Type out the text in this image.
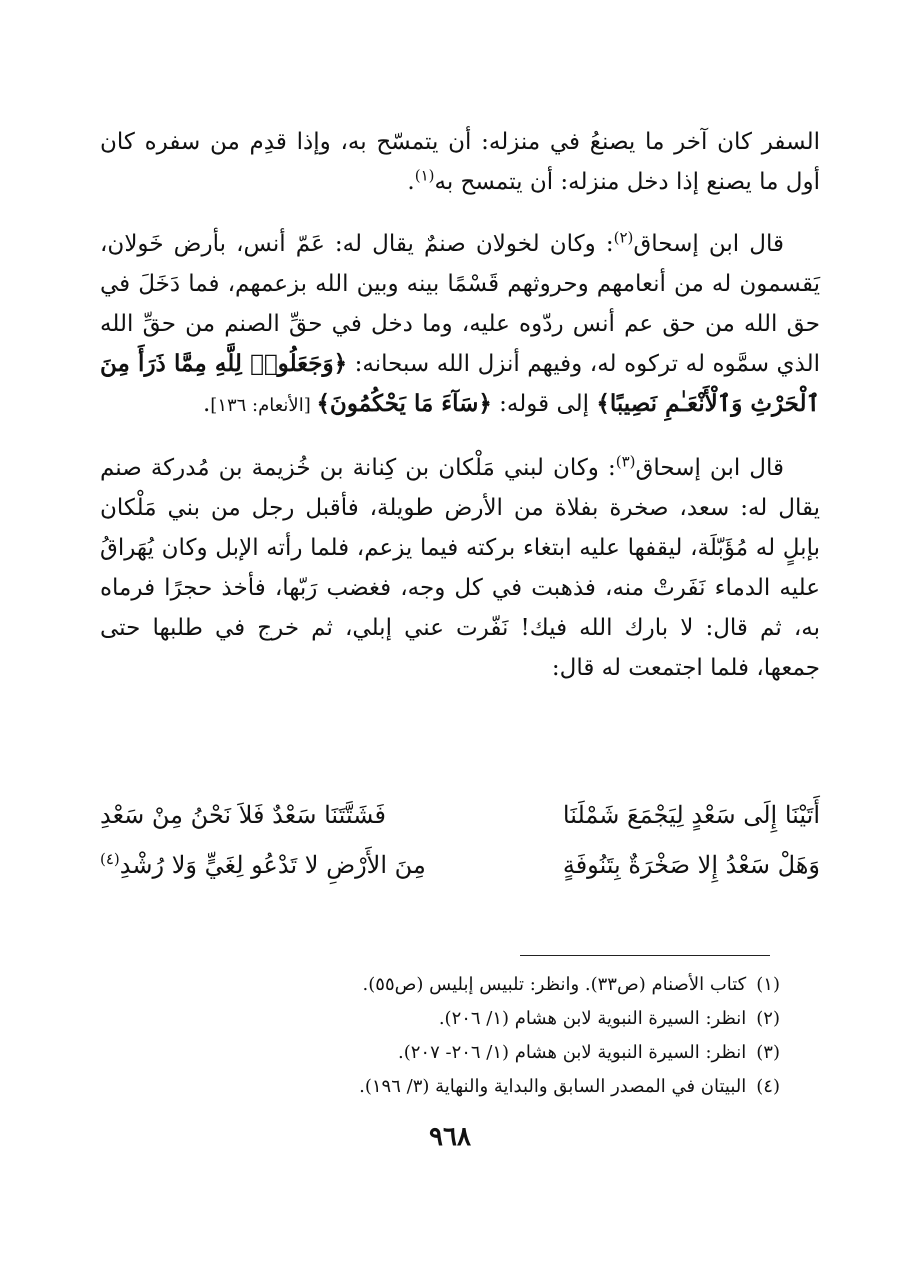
السفر كان آخر ما يصنعُ في منزله: أن يتمسّح به، وإذا قدِم من سفره كان أول ما يصنع إذا دخل منزله: أن يتمسح به$^{(١)}$.

قال ابن إسحاق$^{(٢)}$: وكان لخولان صنمٌ يقال له: عَمّ أنس، بأرض خَولان، يَقسمون له من أنعامهم وحروثهم قَسْمًا بينه وبين الله بزعمهم، فما دَخَلَ في حق الله من حق عم أنس ردّوه عليه، وما دخل في حقِّ الصنم من حقِّ الله الذي سمَّوه له تركوه له، وفيهم أنزل الله سبحانه: ﴿وَجَعَلُوا۟ لِلَّهِ مِمَّا ذَرَأَ مِنَ ٱلْحَرْثِ وَٱلْأَنْعَـٰمِ نَصِيبًا﴾ إلى قوله: ﴿سَآءَ مَا يَحْكُمُونَ﴾ [الأنعام: ١٣٦].

قال ابن إسحاق$^{(٣)}$: وكان لبني مَلْكان بن كِنانة بن خُزيمة بن مُدركة صنم يقال له: سعد، صخرة بفلاة من الأرض طويلة، فأقبل رجل من بني مَلْكان بإبلٍ له مُؤَبّلَة، ليقفها عليه ابتغاء بركته فيما يزعم، فلما رأته الإبل وكان يُهَراقُ عليه الدماء نَفَرتْ منه، فذهبت في كل وجه، فغضب رَبّها، فأخذ حجرًا فرماه به، ثم قال: لا بارك الله فيك! نَفّرت عني إبلي، ثم خرج في طلبها حتى جمعها، فلما اجتمعت له قال:

أَتَيْنَا إِلَى سَعْدٍ لِيَجْمَعَ شَمْلَنَا
فَشَتَّتَنَا سَعْدٌ فَلاَ نَحْنُ مِنْ سَعْدِ
وَهَلْ سَعْدُ إِلا صَخْرَةٌ بِتَنُوفَةٍ
مِنَ الأَرْضِ لا تَدْعُو لِغَيٍّ وَلا رُشْدِ$^{(٤)}$
(١)
كتاب الأصنام (ص٣٣). وانظر: تلبيس إبليس (ص٥٥).
(٢)
انظر: السيرة النبوية لابن هشام (١/ ٢٠٦).
(٣)
انظر: السيرة النبوية لابن هشام (١/ ٢٠٦- ٢٠٧).
(٤)
البيتان في المصدر السابق والبداية والنهاية (٣/ ١٩٦).
٩٦٨
